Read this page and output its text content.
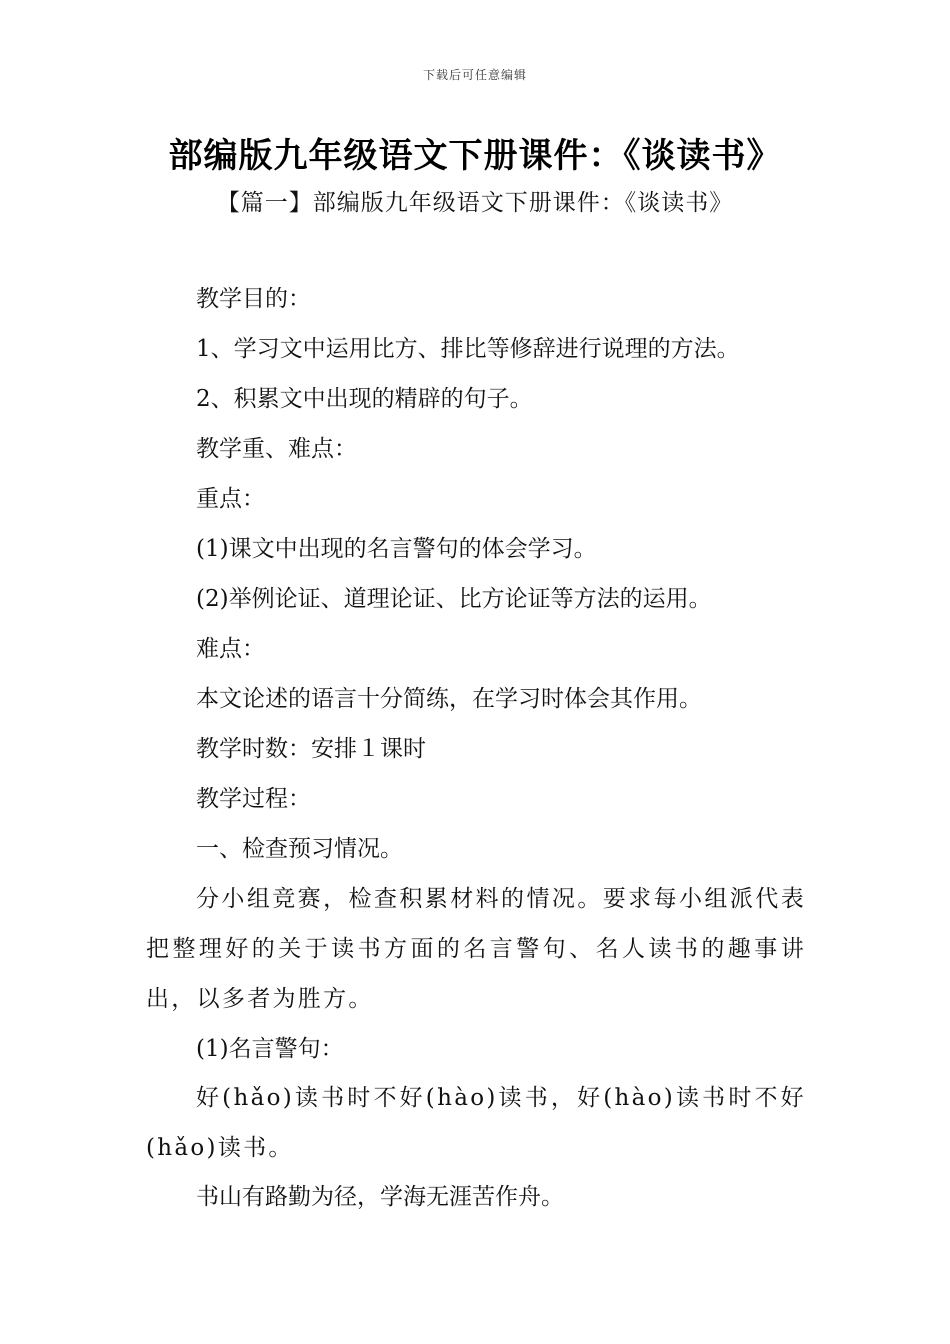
下载后可任意编辑
部编版九年级语文下册课件：《谈读书》
【篇一】部编版九年级语文下册课件：《谈读书》
教学目的：
1、学习文中运用比方、排比等修辞进行说理的方法。
2、积累文中出现的精辟的句子。
教学重、难点：
重点：
(1)课文中出现的名言警句的体会学习。
(2)举例论证、道理论证、比方论证等方法的运用。
难点：
本文论述的语言十分简练，在学习时体会其作用。
教学时数：安排１课时
教学过程：
一、检查预习情况。
分小组竞赛，检查积累材料的情况。要求每小组派代表把整理好的关于读书方面的名言警句、名人读书的趣事讲出，以多者为胜方。
(1)名言警句：
好(hǎo)读书时不好(hào)读书，好(hào)读书时不好(hǎo)读书。
书山有路勤为径，学海无涯苦作舟。
